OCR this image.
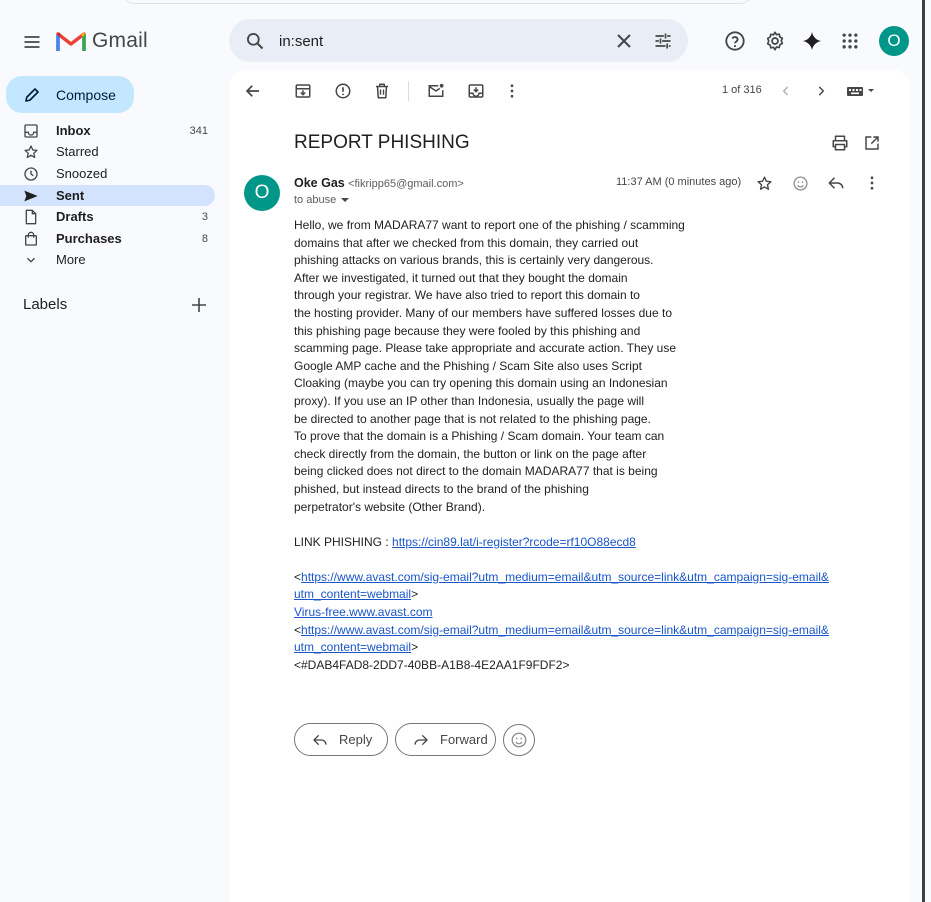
Gmail
in:sent	O
Compose
Inbox	341
Starred
Snoozed
Sent
Drafts	3
Purchases	8
More
Labels
1 of 316
REPORT PHISHING
O	Oke Gas <fikripp65@gmail.com>
to abuse
11:37 AM (0 minutes ago)
Hello, we from MADARA77 want to report one of the phishing / scamming
domains that after we checked from this domain, they carried out
phishing attacks on various brands, this is certainly very dangerous.
After we investigated, it turned out that they bought the domain
through your registrar. We have also tried to report this domain to
the hosting provider. Many of our members have suffered losses due to
this phishing page because they were fooled by this phishing and
scamming page. Please take appropriate and accurate action. They use
Google AMP cache and the Phishing / Scam Site also uses Script
Cloaking (maybe you can try opening this domain using an Indonesian
proxy). If you use an IP other than Indonesia, usually the page will
be directed to another page that is not related to the phishing page.
To prove that the domain is a Phishing / Scam domain. Your team can
check directly from the domain, the button or link on the page after
being clicked does not direct to the domain MADARA77 that is being
phished, but instead directs to the brand of the phishing
perpetrator's website (Other Brand).
LINK PHISHING : https://cin89.lat/i-register?rcode=rf10O88ecd8
<https://www.avast.com/sig-email?utm_medium=email&utm_source=link&utm_campaign=sig-email&
utm_content=webmail>
Virus-free.www.avast.com
<https://www.avast.com/sig-email?utm_medium=email&utm_source=link&utm_campaign=sig-email&
utm_content=webmail>
<#DAB4FAD8-2DD7-40BB-A1B8-4E2AA1F9FDF2>
Reply	Forward
